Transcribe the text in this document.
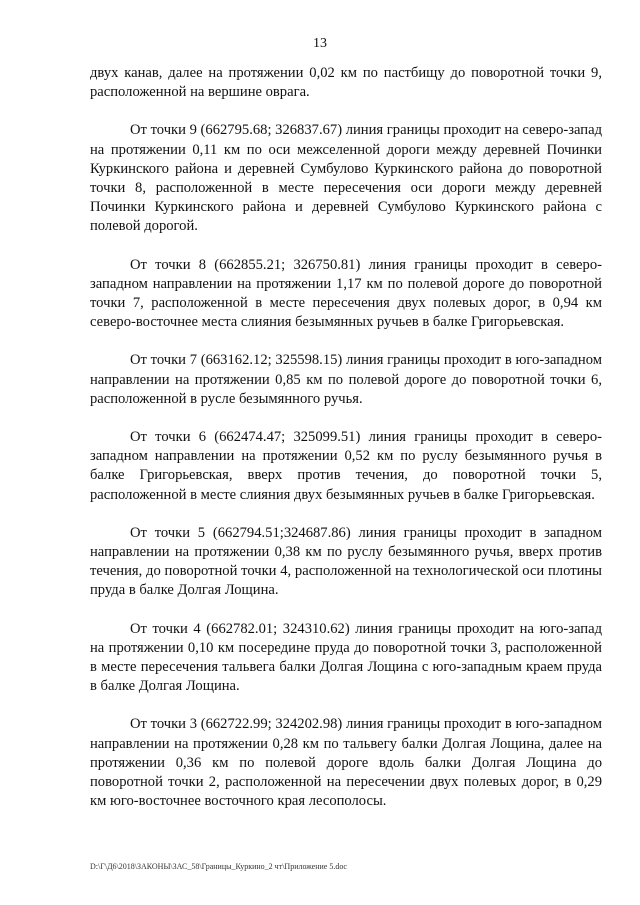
13

двух канав, далее на протяжении 0,02 км по пастбищу до поворотной точки 9, расположенной на вершине оврага.

От точки 9 (662795.68; 326837.67) линия границы проходит на северо-запад на протяжении 0,11 км по оси межселенной дороги между деревней Починки Куркинского района и деревней Сумбулово Куркинского района до поворотной точки 8, расположенной в месте пересечения оси дороги между деревней Починки Куркинского района и деревней Сумбулово Куркинского района с полевой дорогой.

От точки 8 (662855.21; 326750.81) линия границы проходит в северо-западном направлении на протяжении 1,17 км по полевой дороге до поворотной точки 7, расположенной в месте пересечения двух полевых дорог, в 0,94 км северо-восточнее места слияния безымянных ручьев в балке Григорьевская.

От точки 7 (663162.12; 325598.15) линия границы проходит в юго-западном направлении на протяжении 0,85 км по полевой дороге до поворотной точки 6, расположенной в русле безымянного ручья.

От точки 6 (662474.47; 325099.51) линия границы проходит в северо-западном направлении на протяжении 0,52 км по руслу безымянного ручья в балке Григорьевская, вверх против течения, до поворотной точки 5, расположенной в месте слияния двух безымянных ручьев в балке Григорьевская.

От точки 5 (662794.51;324687.86) линия границы проходит в западном направлении на протяжении 0,38 км по руслу безымянного ручья, вверх против течения, до поворотной точки 4, расположенной на технологической оси плотины пруда в балке Долгая Лощина.

От точки 4 (662782.01; 324310.62) линия границы проходит на юго-запад на протяжении 0,10 км посередине пруда до поворотной точки 3, расположенной в месте пересечения тальвега балки Долгая Лощина с юго-западным краем пруда в балке Долгая Лощина.

От точки 3 (662722.99; 324202.98) линия границы проходит в юго-западном направлении на протяжении 0,28 км по тальвегу балки Долгая Лощина, далее на протяжении 0,36 км по полевой дороге вдоль балки Долгая Лощина до поворотной точки 2, расположенной на пересечении двух полевых дорог, в 0,29 км юго-восточнее восточного края лесополосы.

D:\Г\Д6\2018\ЗАКОНЫ\ЗАС_58\Границы_Куркино_2 чт\Приложение 5.doc
